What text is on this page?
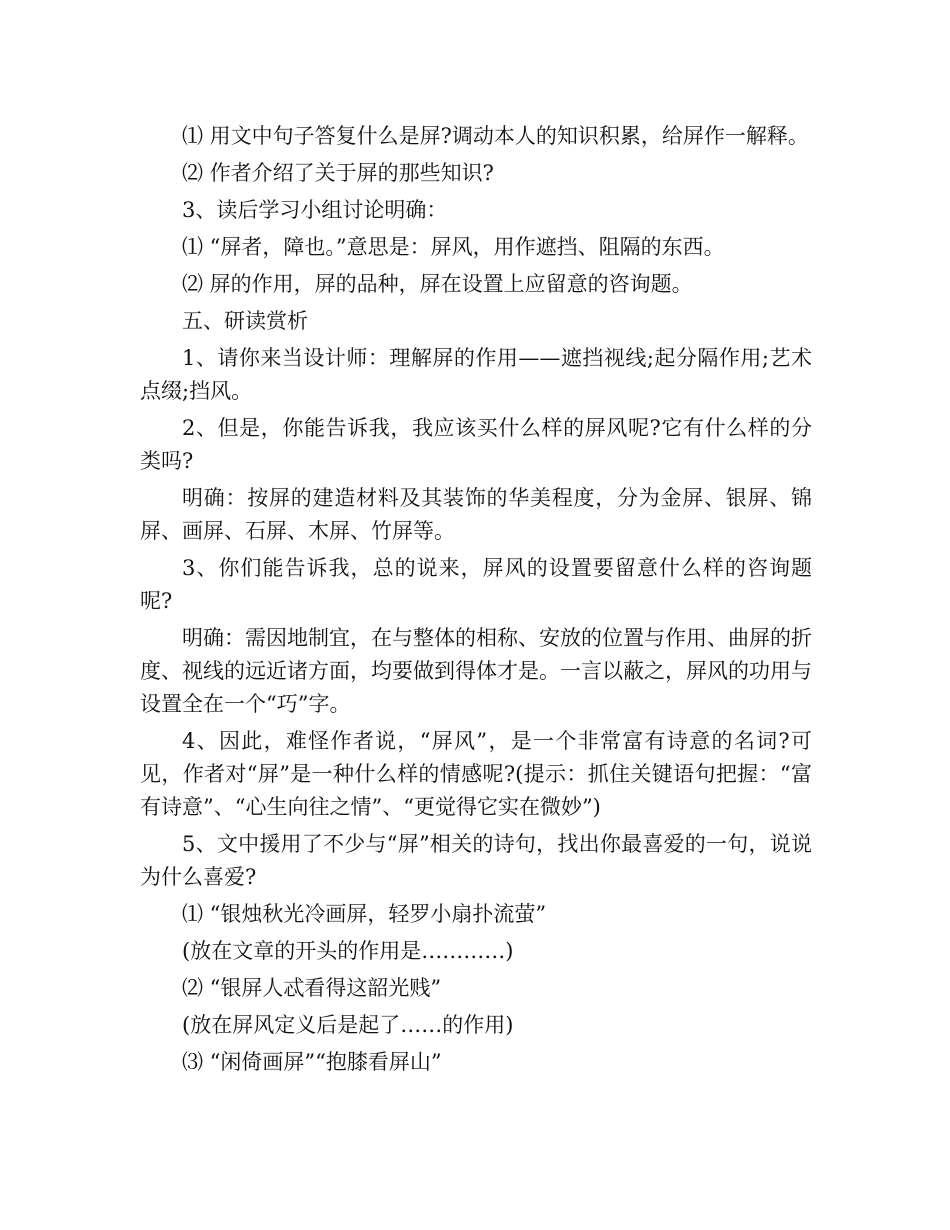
⑴ 用文中句子答复什么是屏?调动本人的知识积累，给屏作一解释。

⑵ 作者介绍了关于屏的那些知识?

3、读后学习小组讨论明确：

⑴ “屏者，障也。”意思是：屏风，用作遮挡、阻隔的东西。

⑵ 屏的作用，屏的品种，屏在设置上应留意的咨询题。

五、研读赏析

1、请你来当设计师：理解屏的作用——遮挡视线;起分隔作用;艺术点缀;挡风。

2、但是，你能告诉我，我应该买什么样的屏风呢?它有什么样的分类吗?

明确：按屏的建造材料及其装饰的华美程度，分为金屏、银屏、锦屏、画屏、石屏、木屏、竹屏等。

3、你们能告诉我，总的说来，屏风的设置要留意什么样的咨询题呢?

明确：需因地制宜，在与整体的相称、安放的位置与作用、曲屏的折度、视线的远近诸方面，均要做到得体才是。一言以蔽之，屏风的功用与设置全在一个“巧”字。

4、因此，难怪作者说，“屏风”，是一个非常富有诗意的名词?可见，作者对“屏”是一种什么样的情感呢?(提示：抓住关键语句把握：“富有诗意”、“心生向往之情”、“更觉得它实在微妙”)

5、文中援用了不少与“屏”相关的诗句，找出你最喜爱的一句，说说为什么喜爱?

⑴ “银烛秋光冷画屏，轻罗小扇扑流萤”

(放在文章的开头的作用是…………)

⑵ “银屏人忒看得这韶光贱”

(放在屏风定义后是起了……的作用)

⑶ “闲倚画屏”“抱膝看屏山”
